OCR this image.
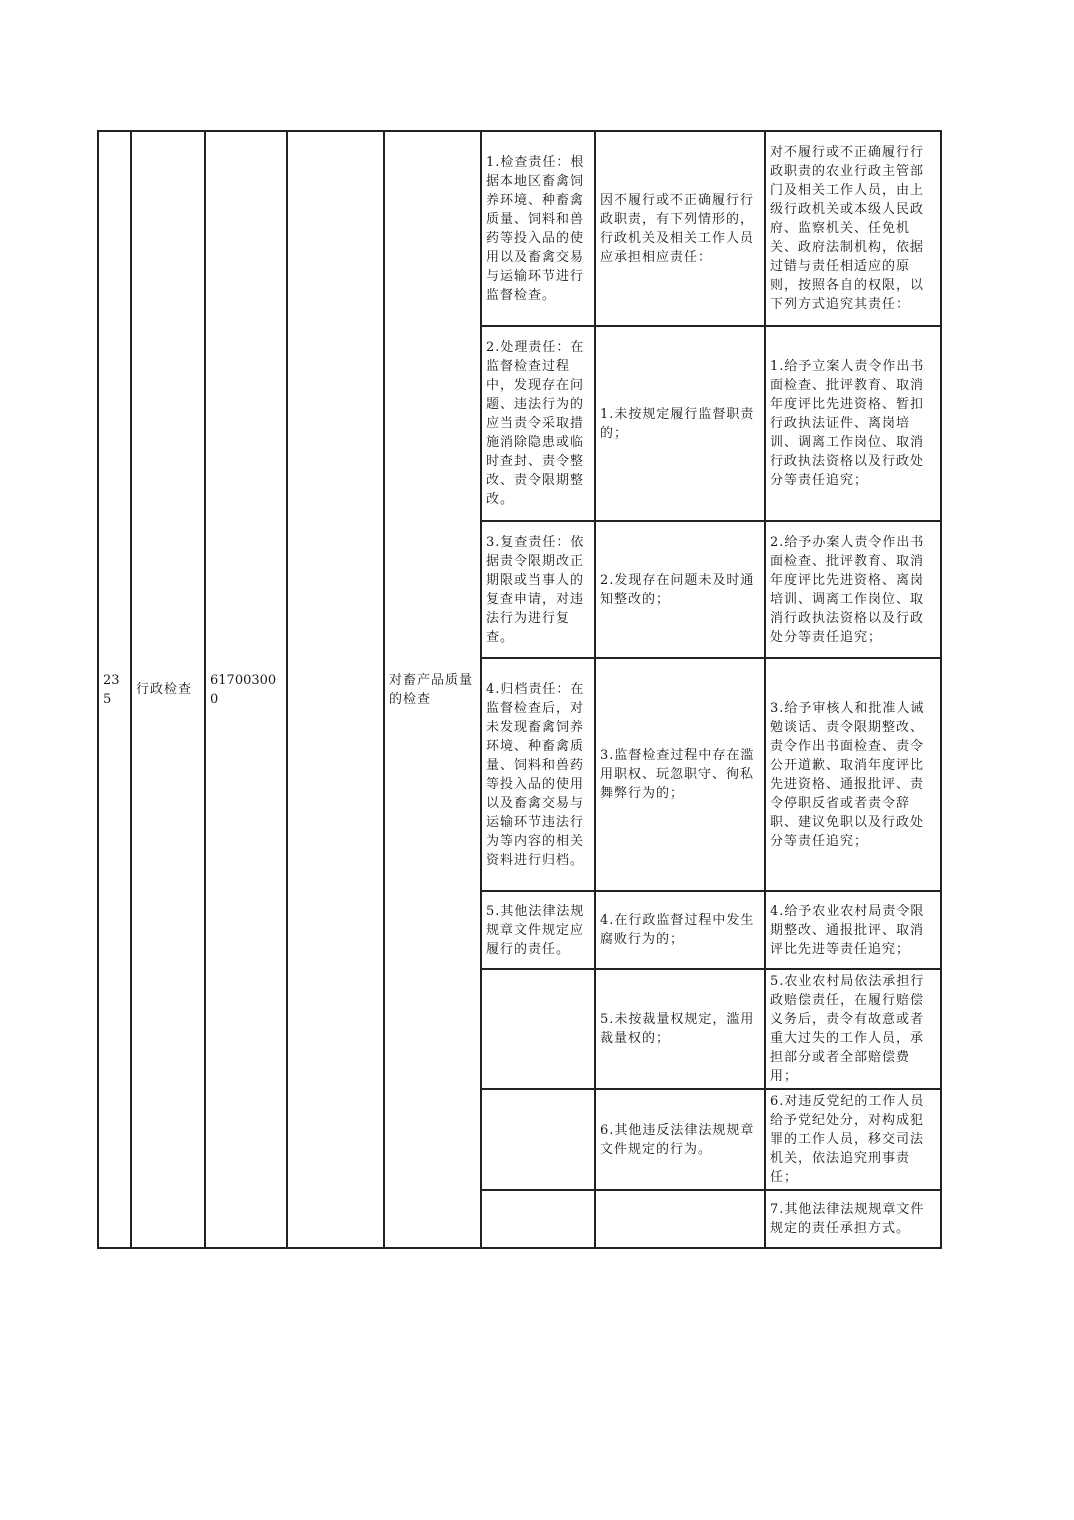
235	行政检查	617003000		对畜产品质量的检查	1.检查责任：根据本地区畜禽饲养环境、种畜禽质量、饲料和兽药等投入品的使用以及畜禽交易与运输环节进行监督检查。	因不履行或不正确履行行政职责，有下列情形的，行政机关及相关工作人员应承担相应责任：	对不履行或不正确履行行政职责的农业行政主管部门及相关工作人员，由上级行政机关或本级人民政府、监察机关、任免机关、政府法制机构，依据过错与责任相适应的原则，按照各自的权限，以下列方式追究其责任：

					2.处理责任：在监督检查过程中，发现存在问题、违法行为的应当责令采取措施消除隐患或临时查封、责令整改、责令限期整改。	1.未按规定履行监督职责的；	1.给予立案人责令作出书面检查、批评教育、取消年度评比先进资格、暂扣行政执法证件、离岗培训、调离工作岗位、取消行政执法资格以及行政处分等责任追究；

					3.复查责任：依据责令限期改正期限或当事人的复查申请，对违法行为进行复查。	2.发现存在问题未及时通知整改的；	2.给予办案人责令作出书面检查、批评教育、取消年度评比先进资格、离岗培训、调离工作岗位、取消行政执法资格以及行政处分等责任追究；

					4.归档责任：在监督检查后，对未发现畜禽饲养环境、种畜禽质量、饲料和兽药等投入品的使用以及畜禽交易与运输环节违法行为等内容的相关资料进行归档。	3.监督检查过程中存在滥用职权、玩忽职守、徇私舞弊行为的；	3.给予审核人和批准人诫勉谈话、责令限期整改、责令作出书面检查、责令公开道歉、取消年度评比先进资格、通报批评、责令停职反省或者责令辞职、建议免职以及行政处分等责任追究；

					5.其他法律法规规章文件规定应履行的责任。	4.在行政监督过程中发生腐败行为的；	4.给予农业农村局责令限期整改、通报批评、取消评比先进等责任追究；

						5.未按裁量权规定，滥用裁量权的；	5.农业农村局依法承担行政赔偿责任，在履行赔偿义务后，责令有故意或者重大过失的工作人员，承担部分或者全部赔偿费用；

						6.其他违反法律法规规章文件规定的行为。	6.对违反党纪的工作人员给予党纪处分，对构成犯罪的工作人员，移交司法机关，依法追究刑事责任；

							7.其他法律法规规章文件规定的责任承担方式。
